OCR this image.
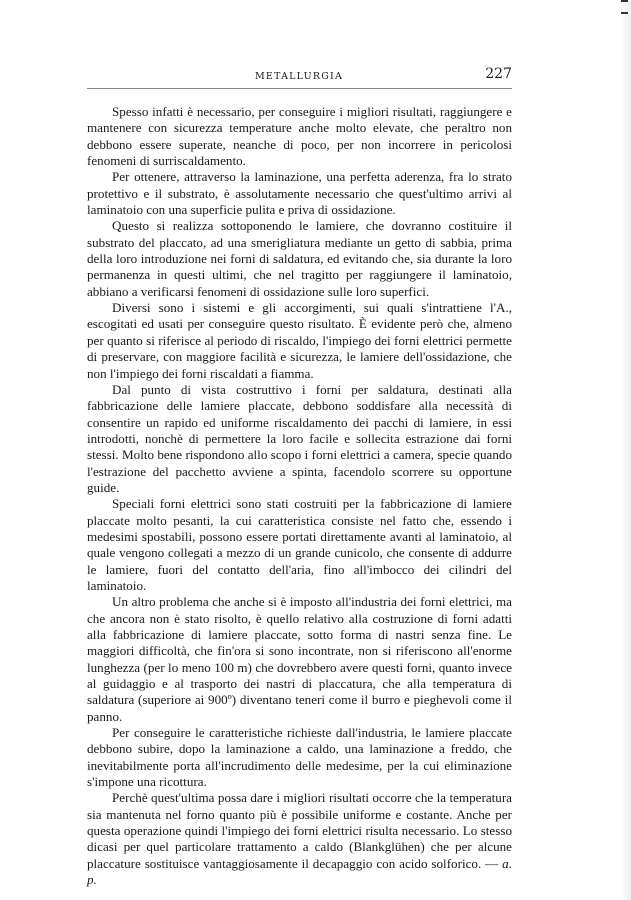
METALLURGIA	227

Spesso infatti è necessario, per conseguire i migliori risultati, raggiungere e mantenere con sicurezza temperature anche molto elevate, che peraltro non debbono essere superate, neanche di poco, per non incorrere in pericolosi fenomeni di surriscaldamento.

Per ottenere, attraverso la laminazione, una perfetta aderenza, fra lo strato protettivo e il substrato, è assolutamente necessario che quest'ultimo arrivi al laminatoio con una superficie pulita e priva di ossidazione.

Questo si realizza sottoponendo le lamiere, che dovranno costituire il substrato del placcato, ad una smerigliatura mediante un getto di sabbia, prima della loro introduzione nei forni di saldatura, ed evitando che, sia durante la loro permanenza in questi ultimi, che nel tragitto per raggiungere il laminatoio, abbiano a verificarsi fenomeni di ossidazione sulle loro superfici.

Diversi sono i sistemi e gli accorgimenti, sui quali s'intrattiene l'A., escogitati ed usati per conseguire questo risultato. È evidente però che, almeno per quanto si riferisce al periodo di riscaldo, l'impiego dei forni elettrici permette di preservare, con maggiore facilità e sicurezza, le lamiere dell'ossidazione, che non l'impiego dei forni riscaldati a fiamma.

Dal punto di vista costruttivo i forni per saldatura, destinati alla fabbricazione delle lamiere placcate, debbono soddisfare alla necessità di consentire un rapido ed uniforme riscaldamento dei pacchi di lamiere, in essi introdotti, nonchè di permettere la loro facile e sollecita estrazione dai forni stessi. Molto bene rispondono allo scopo i forni elettrici a camera, specie quando l'estrazione del pacchetto avviene a spinta, facendolo scorrere su opportune guide.

Speciali forni elettrici sono stati costruiti per la fabbricazione di lamiere placcate molto pesanti, la cui caratteristica consiste nel fatto che, essendo i medesimi spostabili, possono essere portati direttamente avanti al laminatoio, al quale vengono collegati a mezzo di un grande cunicolo, che consente di addurre le lamiere, fuori del contatto dell'aria, fino all'imbocco dei cilindri del laminatoio.

Un altro problema che anche si è imposto all'industria dei forni elettrici, ma che ancora non è stato risolto, è quello relativo alla costruzione di forni adatti alla fabbricazione di lamiere placcate, sotto forma di nastri senza fine. Le maggiori difficoltà, che fin'ora si sono incontrate, non si riferiscono all'enorme lunghezza (per lo meno 100 m) che dovrebbero avere questi forni, quanto invece al guidaggio e al trasporto dei nastri di placcatura, che alla temperatura di saldatura (superiore ai 900º) diventano teneri come il burro e pieghevoli come il panno.

Per conseguire le caratteristiche richieste dall'industria, le lamiere placcate debbono subire, dopo la laminazione a caldo, una laminazione a freddo, che inevitabilmente porta all'incrudimento delle medesime, per la cui eliminazione s'impone una ricottura.

Perchè quest'ultima possa dare i migliori risultati occorre che la temperatura sia mantenuta nel forno quanto più è possibile uniforme e costante. Anche per questa operazione quindi l'impiego dei forni elettrici risulta necessario. Lo stesso dicasi per quel particolare trattamento a caldo (Blankglühen) che per alcune placcature sostituisce vantaggiosamente il decapaggio con acido solforico. — a. p.
